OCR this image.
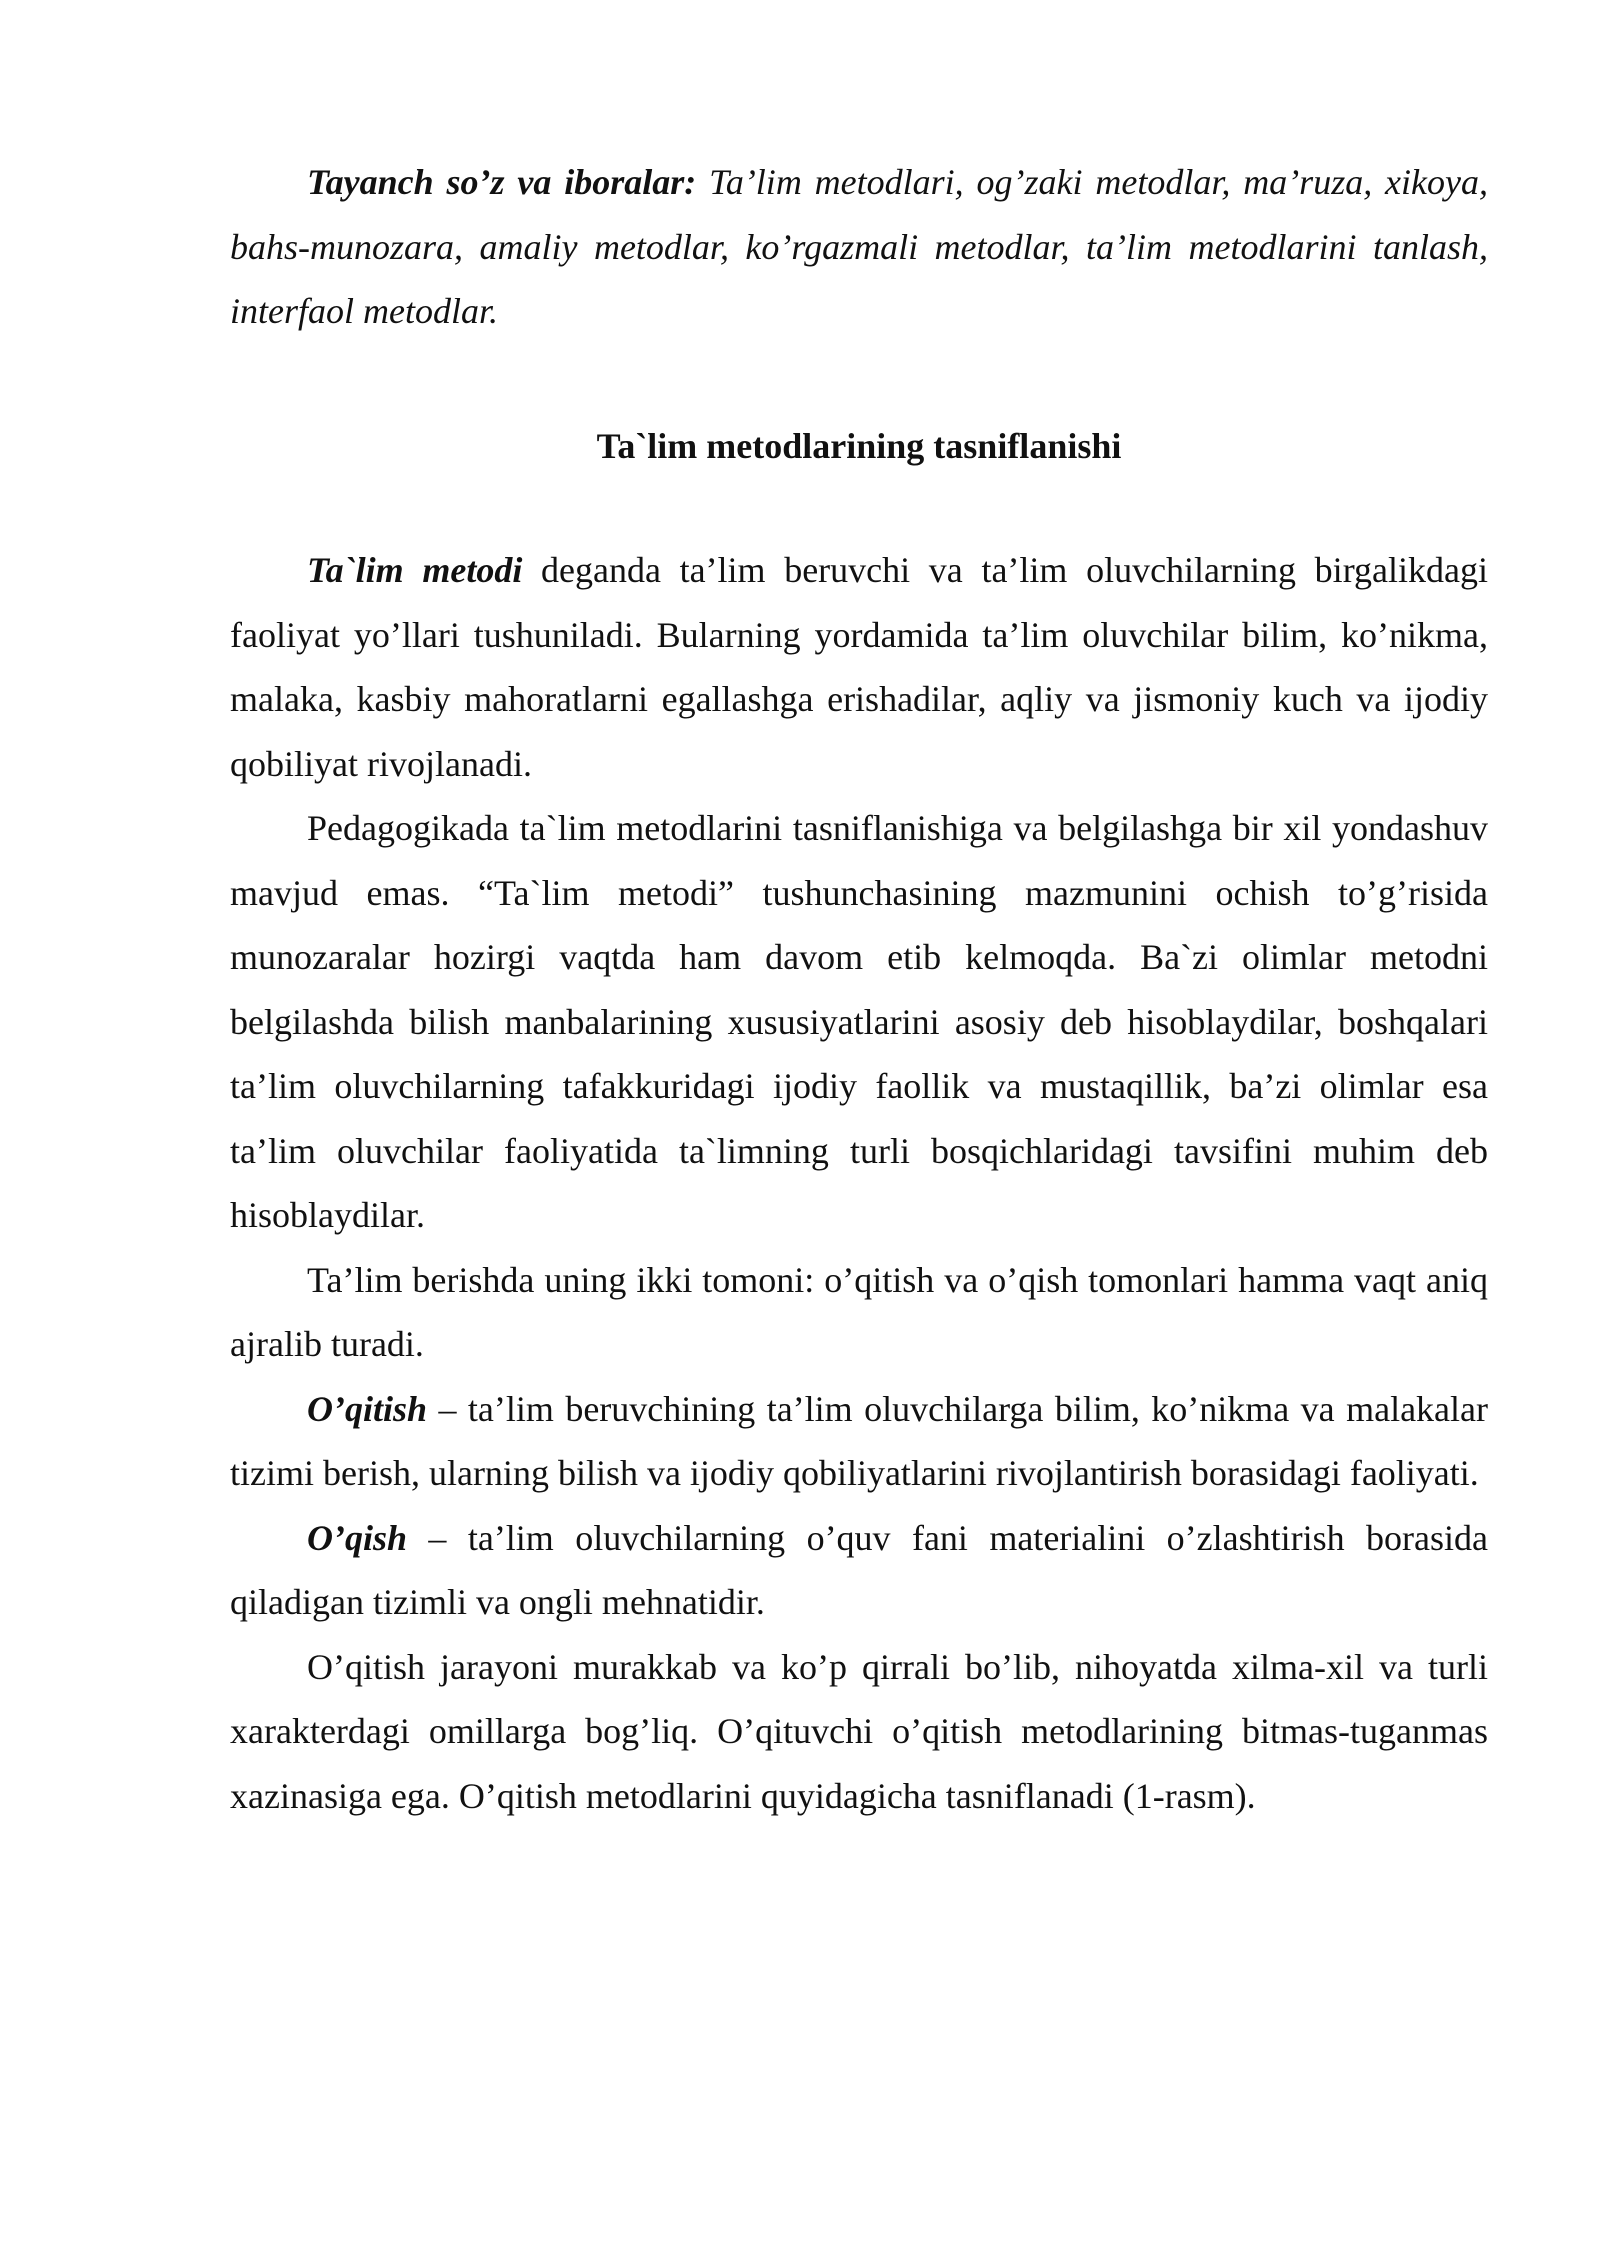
Tayanch so’z va iboralar: Ta’lim metodlari, og’zaki metodlar, ma’ruza, xikoya, bahs-munozara, amaliy metodlar, ko’rgazmali metodlar, ta’lim metodlarini tanlash, interfaol metodlar.

Ta`lim metodlarining tasniflanishi

Ta`lim metodi deganda ta’lim beruvchi va ta’lim oluvchilarning birgalikdagi faoliyat yo’llari tushuniladi. Bularning yordamida ta’lim oluvchilar bilim, ko’nikma, malaka, kasbiy mahoratlarni egallashga erishadilar, aqliy va jismoniy kuch va ijodiy qobiliyat rivojlanadi.

Pedagogikada ta`lim metodlarini tasniflanishiga va belgilashga bir xil yondashuv mavjud emas. “Ta`lim metodi” tushunchasining mazmunini ochish to’g’risida munozaralar hozirgi vaqtda ham davom etib kelmoqda. Ba`zi olimlar metodni belgilashda bilish manbalarining xususiyatlarini asosiy deb hisoblaydilar, boshqalari ta’lim oluvchilarning tafakkuridagi ijodiy faollik va mustaqillik, ba’zi olimlar esa ta’lim oluvchilar faoliyatida ta`limning turli bosqichlaridagi tavsifini muhim deb hisoblaydilar.

Ta’lim berishda uning ikki tomoni: o’qitish va o’qish tomonlari hamma vaqt aniq ajralib turadi.

O’qitish – ta’lim beruvchining ta’lim oluvchilarga bilim, ko’nikma va malakalar tizimi berish, ularning bilish va ijodiy qobiliyatlarini rivojlantirish borasidagi faoliyati.

O’qish – ta’lim oluvchilarning o’quv fani materialini o’zlashtirish borasida qiladigan tizimli va ongli mehnatidir.

O’qitish jarayoni murakkab va ko’p qirrali bo’lib, nihoyatda xilma-xil va turli xarakterdagi omillarga bog’liq. O’qituvchi o’qitish metodlarining bitmas-tuganmas xazinasiga ega. O’qitish metodlarini quyidagicha tasniflanadi (1-rasm).
